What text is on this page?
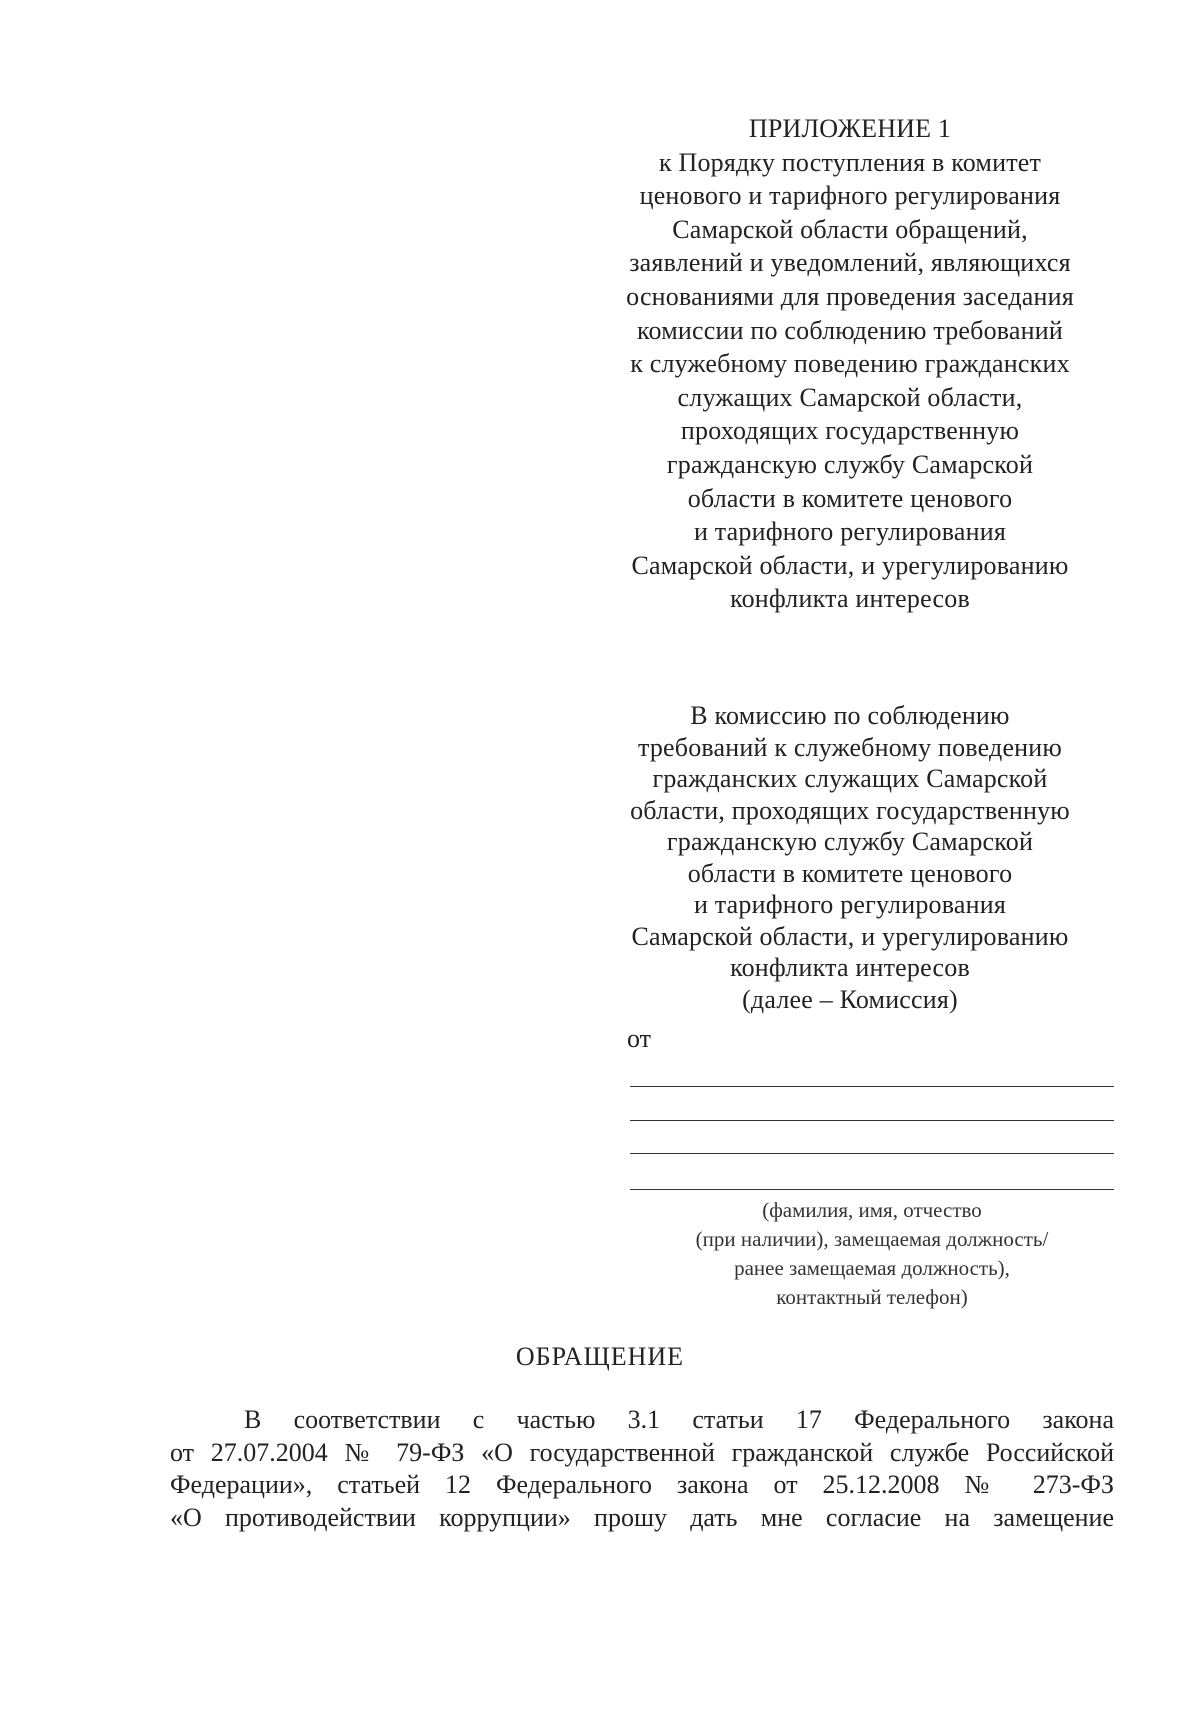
ПРИЛОЖЕНИЕ 1
к Порядку поступления в комитет
ценового и тарифного регулирования
Самарской области обращений,
заявлений и уведомлений, являющихся
основаниями для проведения заседания
комиссии по соблюдению требований
к служебному поведению гражданских
служащих Самарской области,
проходящих государственную
гражданскую службу Самарской
области в комитете ценового
и тарифного регулирования
Самарской области, и урегулированию
конфликта интересов
В комиссию по соблюдению
требований к служебному поведению
гражданских служащих Самарской
области, проходящих государственную
гражданскую службу Самарской
области в комитете ценового
и тарифного регулирования
Самарской области, и урегулированию
конфликта интересов
(далее – Комиссия)
от
(фамилия, имя, отчество
(при наличии), замещаемая должность/
ранее замещаемая должность),
контактный телефон)
ОБРАЩЕНИЕ
В соответствии с частью 3.1 статьи 17 Федерального закона
от 27.07.2004 № 79-ФЗ «О государственной гражданской службе Российской
Федерации», статьей 12 Федерального закона от 25.12.2008 № 273-ФЗ
«О противодействии коррупции» прошу дать мне согласие на замещение
